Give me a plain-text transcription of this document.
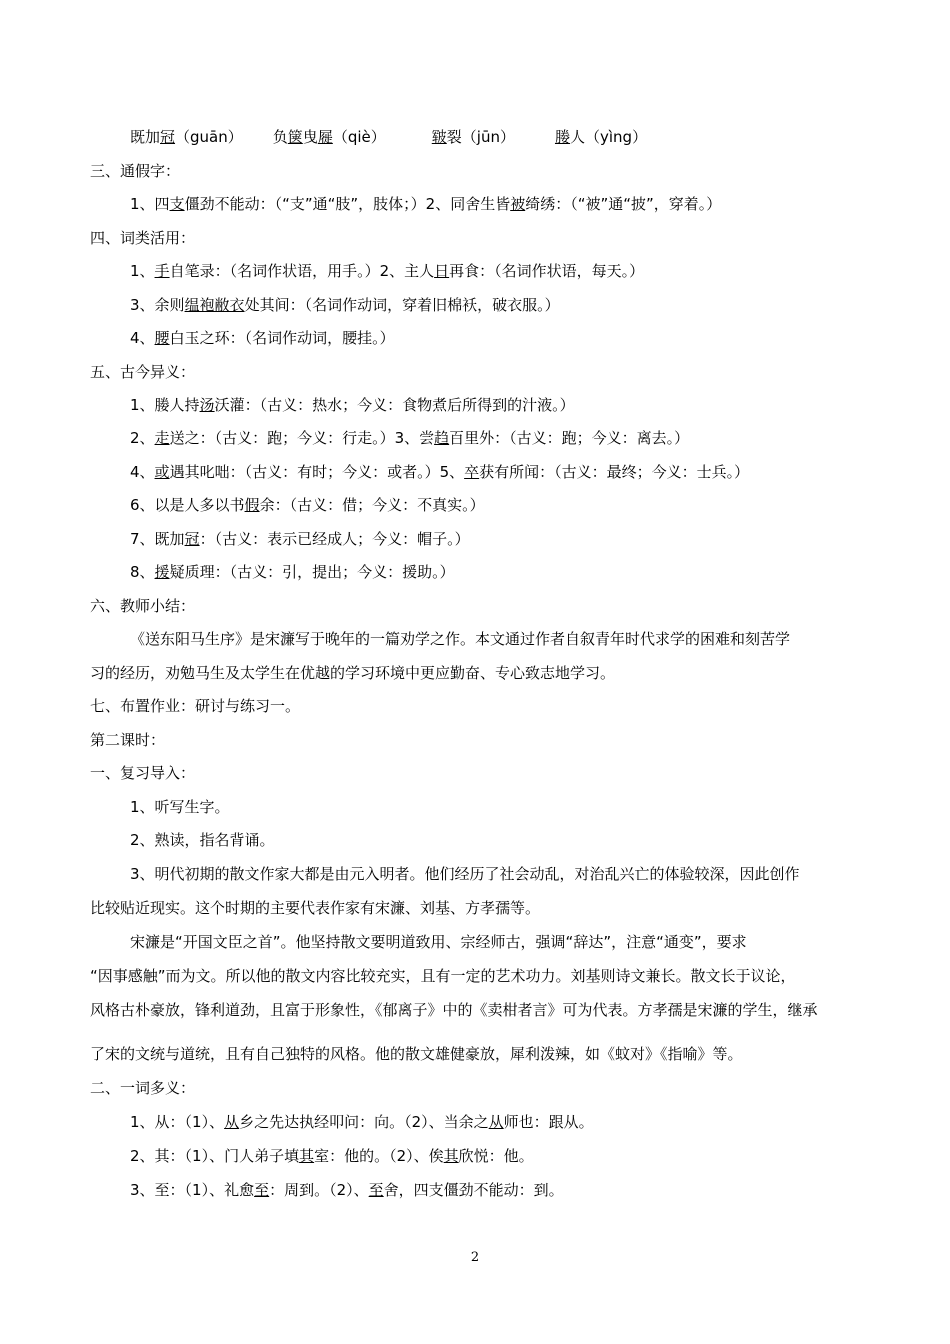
既加冠（guān） 负箧曳屣（qiè）	皲裂（jūn）	媵人（yìng）
三、通假字：
1、四支僵劲不能动：（“支”通“肢”，肢体；）2、同舍生皆被绮绣：（“被”通“披”，穿着。）
四、词类活用：
1、手自笔录：（名词作状语，用手。）2、主人日再食：（名词作状语，每天。）
3、余则缊袍敝衣处其间：（名词作动词，穿着旧棉袄，破衣服。）
4、腰白玉之环：（名词作动词，腰挂。）
五、古今异义：
1、媵人持汤沃灌：（古义：热水；今义：食物煮后所得到的汁液。）
2、走送之：（古义：跑；今义：行走。）3、尝趋百里外：（古义：跑；今义：离去。）
4、或遇其叱咄：（古义：有时；今义：或者。）5、卒获有所闻：（古义：最终；今义：士兵。）
6、以是人多以书假余：（古义：借；今义：不真实。）
7、既加冠：（古义：表示已经成人；今义：帽子。）
8、援疑质理：（古义：引，提出；今义：援助。）
六、教师小结：
《送东阳马生序》是宋濂写于晚年的一篇劝学之作。本文通过作者自叙青年时代求学的困难和刻苦学
习的经历，劝勉马生及太学生在优越的学习环境中更应勤奋、专心致志地学习。
七、布置作业：研讨与练习一。
第二课时：
一、复习导入：
1、听写生字。
2、熟读，指名背诵。
3、明代初期的散文作家大都是由元入明者。他们经历了社会动乱，对治乱兴亡的体验较深，因此创作
比较贴近现实。这个时期的主要代表作家有宋濂、刘基、方孝孺等。
宋濂是“开国文臣之首”。他坚持散文要明道致用、宗经师古，强调“辞达”，注意“通变”，要求
“因事感触”而为文。所以他的散文内容比较充实，且有一定的艺术功力。刘基则诗文兼长。散文长于议论，
风格古朴豪放，锋利道劲，且富于形象性，《郁离子》中的《卖柑者言》可为代表。方孝孺是宋濂的学生，继承
了宋的文统与道统，且有自己独特的风格。他的散文雄健豪放，犀利泼辣，如《蚊对》《指喻》等。
二、一词多义：
1、从：（1）、从乡之先达执经叩问：向。（2）、当余之从师也：跟从。
2、其：（1）、门人弟子填其室：他的。（2）、俟其欣悦：他。
3、至：（1）、礼愈至：周到。（2）、至舍，四支僵劲不能动：到。
2
